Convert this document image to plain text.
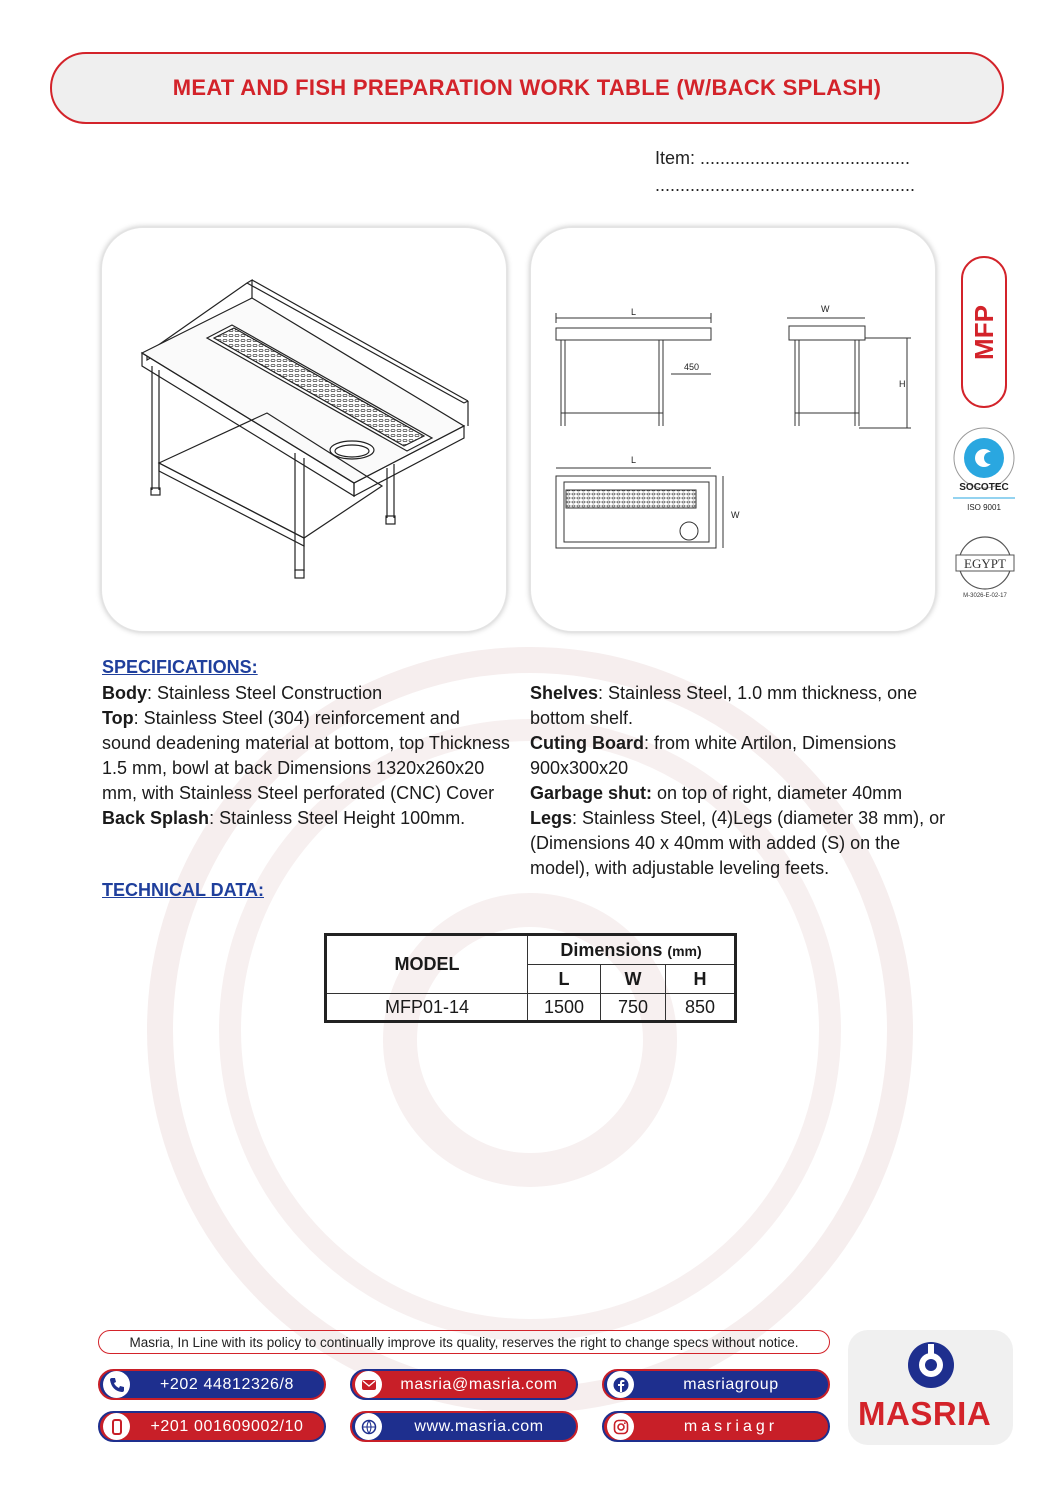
MEAT AND FISH PREPARATION WORK TABLE (W/BACK SPLASH)
Item: ..........................................
....................................................
L
450
W
H
L
W
MFP
SOCOTEC
ISO 9001
EGYPT
M-3026-E-02-17
SPECIFICATIONS:

Body: Stainless Steel Construction

Top: Stainless Steel (304) reinforcement and sound deadening material at bottom, top Thickness 1.5 mm, bowl at back Dimensions 1320x260x20 mm, with Stainless Steel perforated (CNC) Cover

Back Splash: Stainless Steel Height 100mm.

Shelves: Stainless Steel, 1.0 mm thickness, one bottom shelf.

Cuting Board: from white Artilon, Dimensions 900x300x20

Garbage shut: on top of right, diameter 40mm

Legs: Stainless Steel, (4)Legs (diameter 38 mm), or (Dimensions 40 x 40mm with added (S) on the model), with adjustable leveling feets.

TECHNICAL DATA:
MODEL	Dimensions (mm)		
	L	W	H
MFP01-14	1500	750	850
Masria, In Line with its policy to continually improve its quality, reserves the right to change specs without notice.
+202 44812326/8
+201 001609002/10
masria@masria.com
www.masria.com
masriagroup
masriagr	MASRIA
